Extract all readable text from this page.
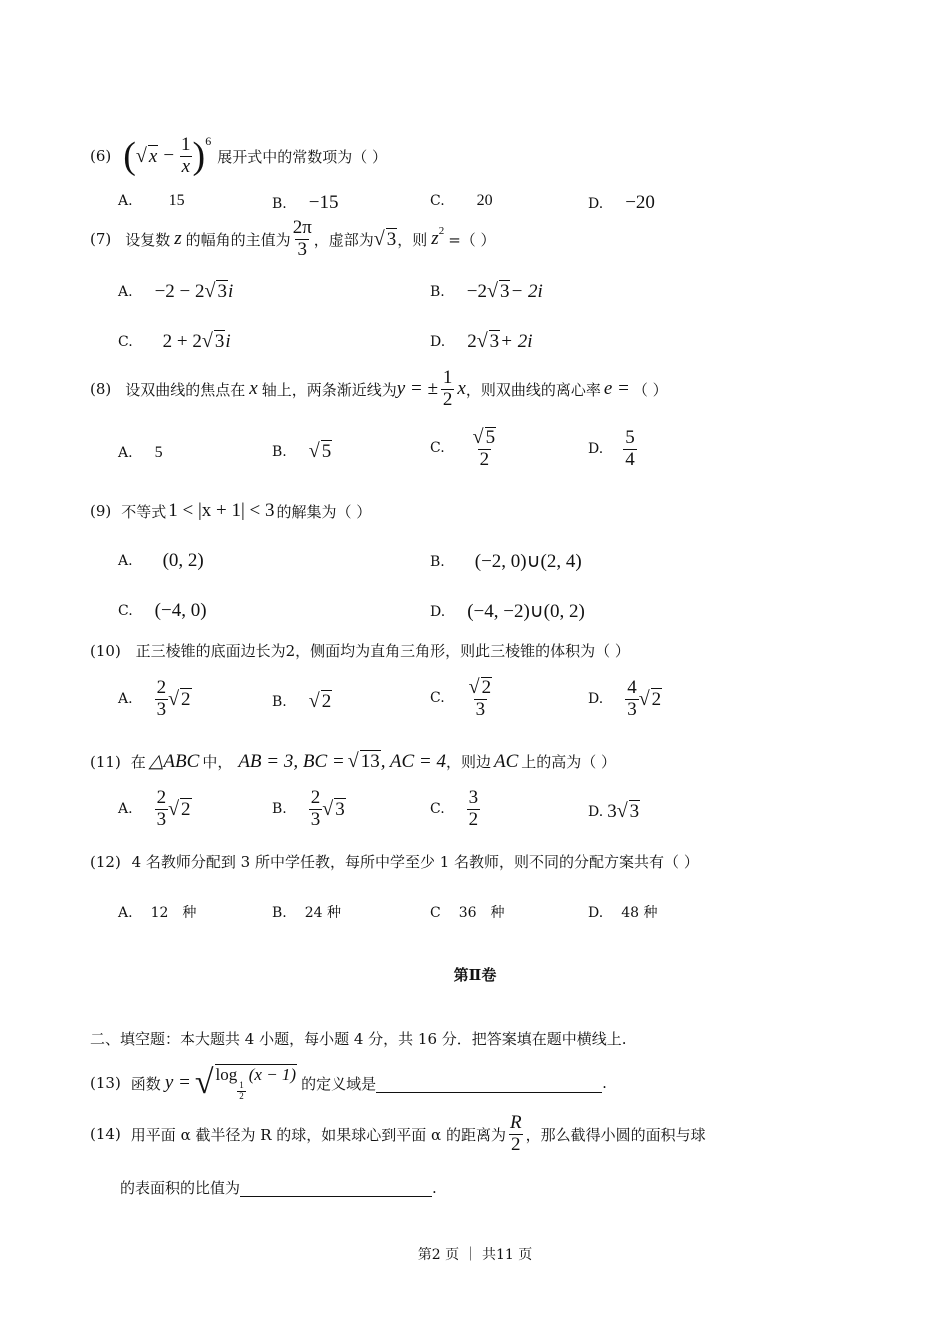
(6) ( √ $x - \frac{1}{x}$ ) 6
展开式中的常数项为（ ）
A. 15	B. −15	C. 20	D. −20
(7) 设复数 z 的幅角的主值为 $\frac{2\pi}{3}$ ，虚部为 √ 3 ，则 z 2 =（ ）
A. −2 − 2 √ 3 i	B. −2 √ 3 − 2i
C. 2 + 2 √ 3 i	D. 2 √ 3 + 2i
(8) 设双曲线的焦点在 x 轴上，两条渐近线为 y = ± $\frac{1}{2}$ x ，则双曲线的离心率 e = （ ）
A. 5	B. √ 5	C. $\frac{√ 5}{2}$	D. $\frac{5}{4}$
(9) 不等式 1 < |x + 1| < 3 的解集为（ ）
A. (0, 2)	B. (−2, 0)∪(2, 4)
C. (−4, 0)	D. (−4, −2)∪(0, 2)
(10) 正三棱锥的底面边长为2，侧面均为直角三角形，则此三棱锥的体积为（ ）
A. $\frac{2}{3}$ √ 2	B. √ 2	C. $\frac{√ 2}{3}$	D. $\frac{4}{3}$ √ 2
(11) 在 △ABC 中， AB = 3, BC = √ 13 , AC = 4 ，则边 AC 上的高为（ ）
A. $\frac{2}{3}$ √ 2	B. $\frac{2}{3}$ √ 3	C. $\frac{3}{2}$	D. 3 √ 3
(12) 4 名教师分配到 3 所中学任教，每所中学至少 1 名教师，则不同的分配方案共有（ ）
A. 12　种	B. 24 种	C 36　种	D. 48 种
第Ⅱ卷
二、填空题：本大题共 4 小题，每小题 4 分，共 16 分．把答案填在题中横线上.
(13) 函数 y = √ log
$\frac{1}{2}$
(x − 1) 的定义域是	.
(14) 用平面 α 截半径为 R 的球，如果球心到平面 α 的距离为 $\frac{R}{2}$ ，那么截得小圆的面积与球
的表面积的比值为	.
第2 页 ｜ 共11 页
